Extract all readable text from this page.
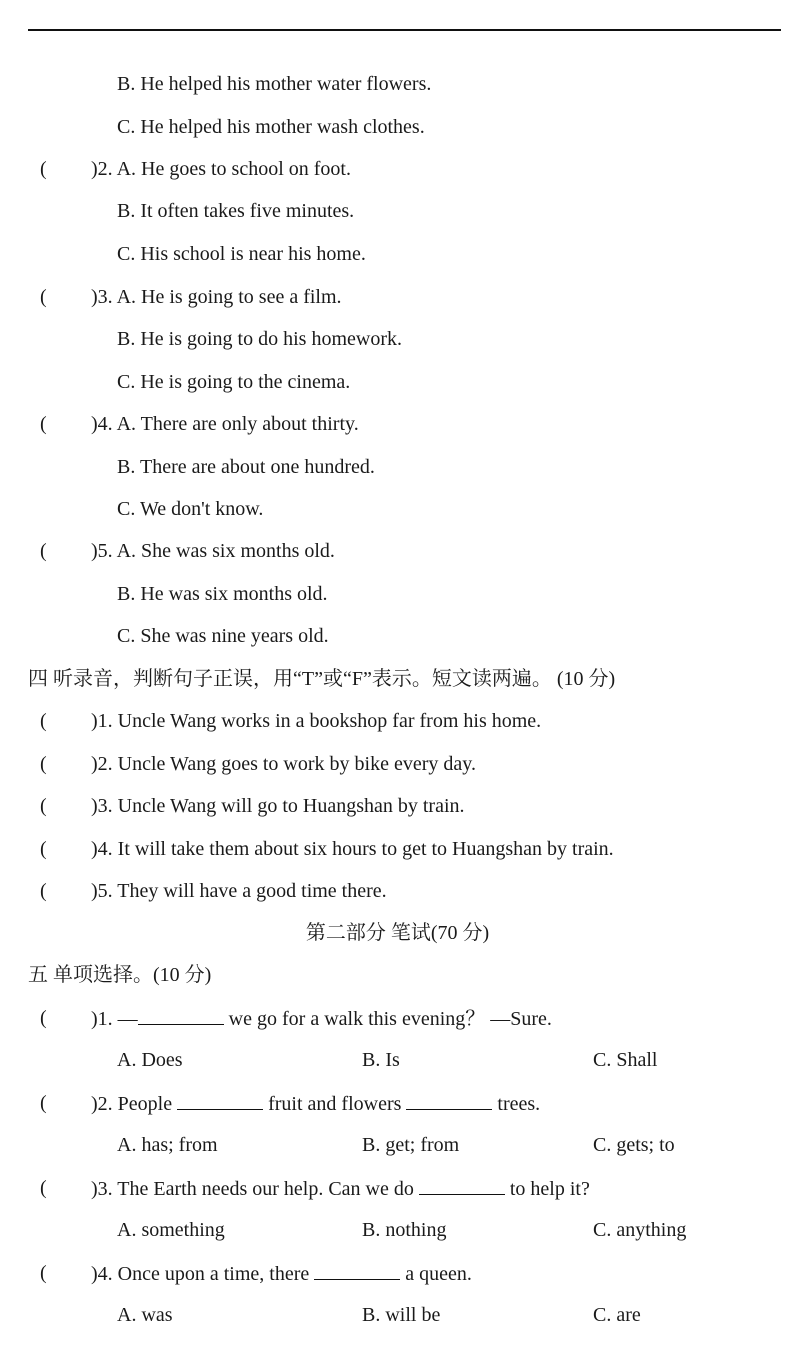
B. He helped his mother water flowers.
C. He helped his mother wash clothes.
( )2. A. He goes to school on foot.
B. It often takes five minutes.
C. His school is near his home.
( )3. A. He is going to see a film.
B. He is going to do his homework.
C. He is going to the cinema.
( )4. A. There are only about thirty.
B. There are about one hundred.
C. We don't know.
( )5. A. She was six months old.
B. He was six months old.
C. She was nine years old.
四 听录音，判断句子正误，用“T”或“F”表示。短文读两遍。 (10 分)
( )1. Uncle Wang works in a bookshop far from his home.
( )2. Uncle Wang goes to work by bike every day.
( )3. Uncle Wang will go to Huangshan by train.
( )4. It will take them about six hours to get to Huangshan by train.
( )5. They will have a good time there.
第二部分 笔试(70 分)
五 单项选择。(10 分)
( )1. —	we go for a walk this evening？ —Sure.
A. Does	B. Is	C. Shall
( )2. People	fruit and flowers	trees.
A. has; from	B. get; from	C. gets; to
( )3. The Earth needs our help. Can we do	to help it?
A. something	B. nothing	C. anything
( )4. Once upon a time, there	a queen.
A. was	B. will be	C. are
